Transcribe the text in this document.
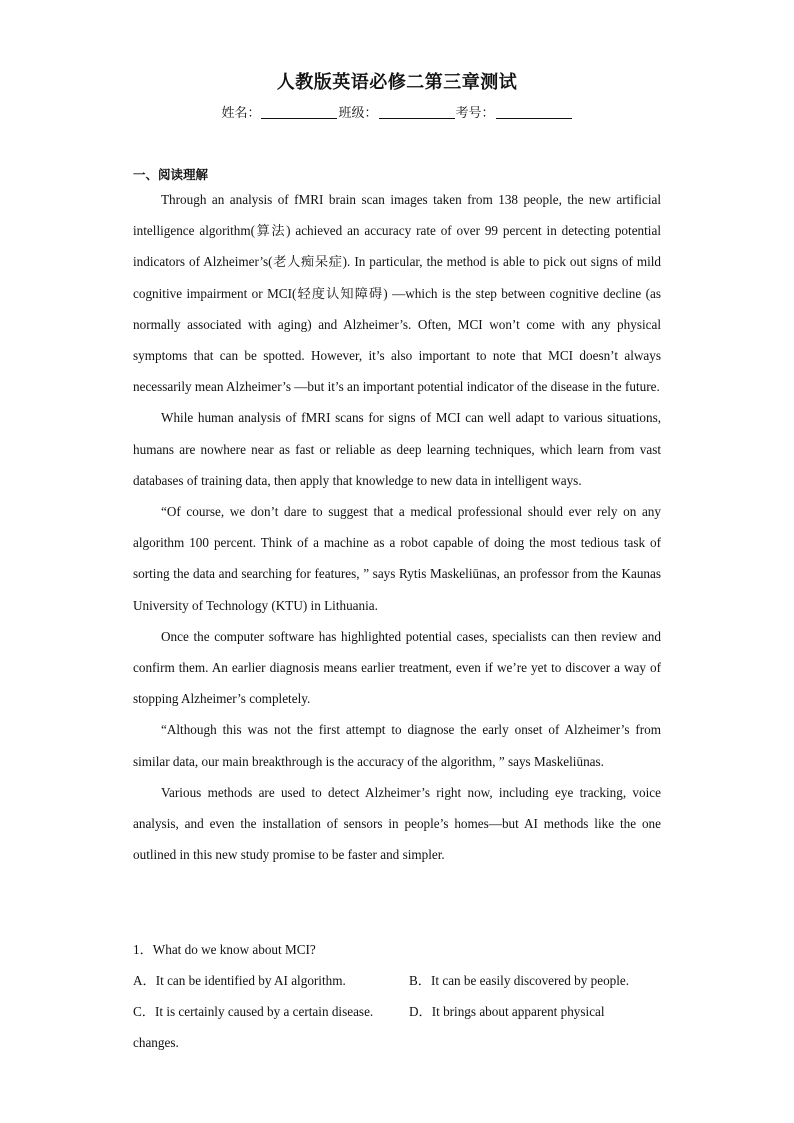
人教版英语必修二第三章测试
姓名：	班级：	考号：
一、阅读理解

Through an analysis of fMRI brain scan images taken from 138 people, the new artificial intelligence algorithm(算法) achieved an accuracy rate of over 99 percent in detecting potential indicators of Alzheimer’s(老人痴呆症). In particular, the method is able to pick out signs of mild cognitive impairment or MCI(轻度认知障碍) —which is the step between cognitive decline (as normally associated with aging) and Alzheimer’s. Often, MCI won’t come with any physical symptoms that can be spotted. However, it’s also important to note that MCI doesn’t always necessarily mean Alzheimer’s —but it’s an important potential indicator of the disease in the future.

While human analysis of fMRI scans for signs of MCI can well adapt to various situations, humans are nowhere near as fast or reliable as deep learning techniques, which learn from vast databases of training data, then apply that knowledge to new data in intelligent ways.

“Of course, we don’t dare to suggest that a medical professional should ever rely on any algorithm 100 percent. Think of a machine as a robot capable of doing the most tedious task of sorting the data and searching for features, ” says Rytis Maskeliūnas, an professor from the Kaunas University of Technology (KTU) in Lithuania.

Once the computer software has highlighted potential cases, specialists can then review and confirm them. An earlier diagnosis means earlier treatment, even if we’re yet to discover a way of stopping Alzheimer’s completely.

“Although this was not the first attempt to diagnose the early onset of Alzheimer’s from similar data, our main breakthrough is the accuracy of the algorithm, ” says Maskeliūnas.

Various methods are used to detect Alzheimer’s right now, including eye tracking, voice analysis, and even the installation of sensors in people’s homes—but AI methods like the one outlined in this new study promise to be faster and simpler.

1．What do we know about MCI?
A．It can be identified by AI algorithm.	B．It can be easily discovered by people.
C．It is certainly caused by a certain disease.	D．It brings about apparent physical
changes.
